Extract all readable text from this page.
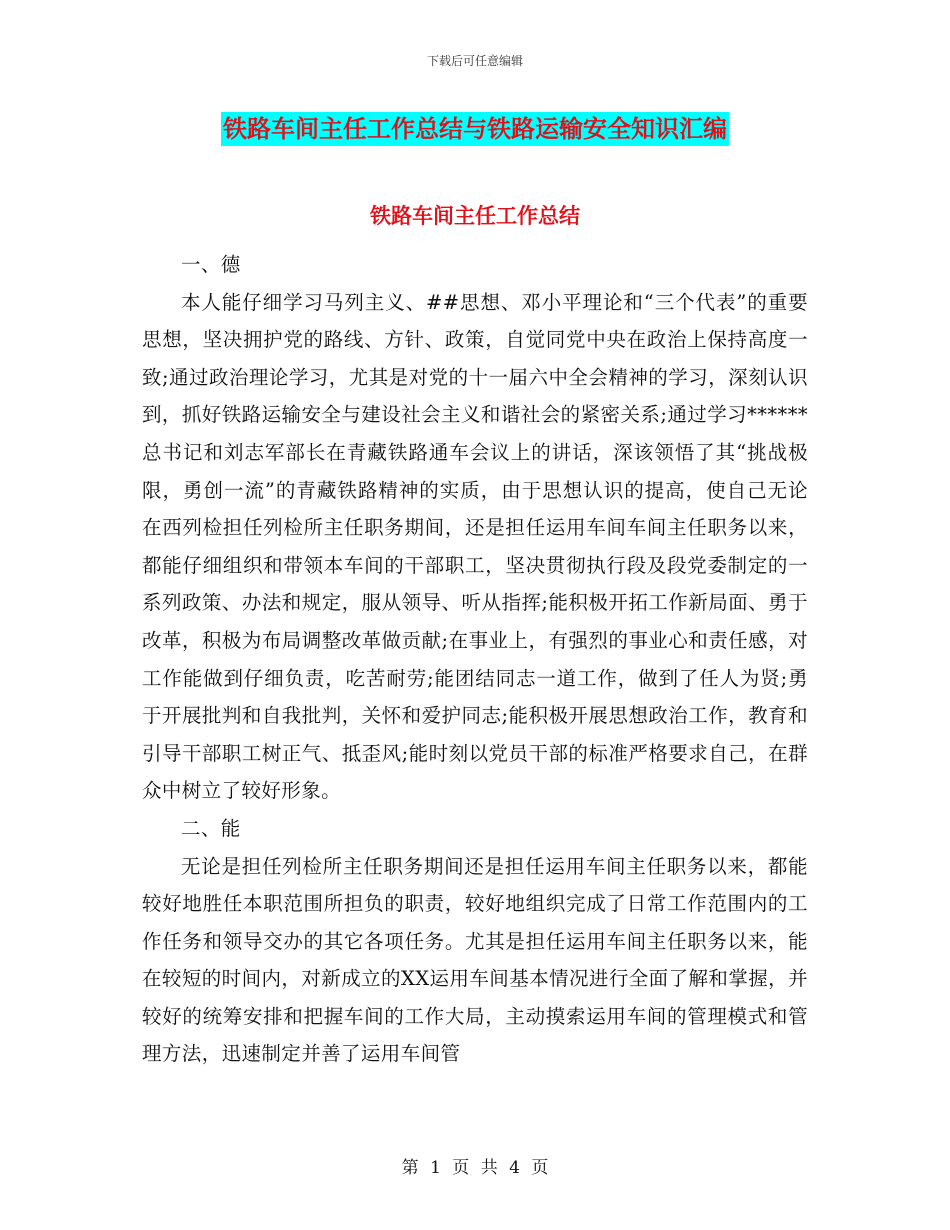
下载后可任意编辑
铁路车间主任工作总结与铁路运输安全知识汇编
铁路车间主任工作总结

一、德

本人能仔细学习马列主义、##思想、邓小平理论和“三个代表”的重要思想，坚决拥护党的路线、方针、政策，自觉同党中央在政治上保持高度一致;通过政治理论学习，尤其是对党的十一届六中全会精神的学习，深刻认识到，抓好铁路运输安全与建设社会主义和谐社会的紧密关系;通过学习******总书记和刘志军部长在青藏铁路通车会议上的讲话，深该领悟了其“挑战极限，勇创一流”的青藏铁路精神的实质，由于思想认识的提高，使自己无论在西列检担任列检所主任职务期间，还是担任运用车间车间主任职务以来，都能仔细组织和带领本车间的干部职工，坚决贯彻执行段及段党委制定的一系列政策、办法和规定，服从领导、听从指挥;能积极开拓工作新局面、勇于改革，积极为布局调整改革做贡献;在事业上，有强烈的事业心和责任感，对工作能做到仔细负责，吃苦耐劳;能团结同志一道工作，做到了任人为贤;勇于开展批判和自我批判，关怀和爱护同志;能积极开展思想政治工作，教育和引导干部职工树正气、抵歪风;能时刻以党员干部的标准严格要求自己，在群众中树立了较好形象。

二、能

无论是担任列检所主任职务期间还是担任运用车间主任职务以来，都能较好地胜任本职范围所担负的职责，较好地组织完成了日常工作范围内的工作任务和领导交办的其它各项任务。尤其是担任运用车间主任职务以来，能在较短的时间内，对新成立的XX运用车间基本情况进行全面了解和掌握，并较好的统筹安排和把握车间的工作大局，主动摸索运用车间的管理模式和管理方法，迅速制定并善了运用车间管

第 1 页 共 4 页
